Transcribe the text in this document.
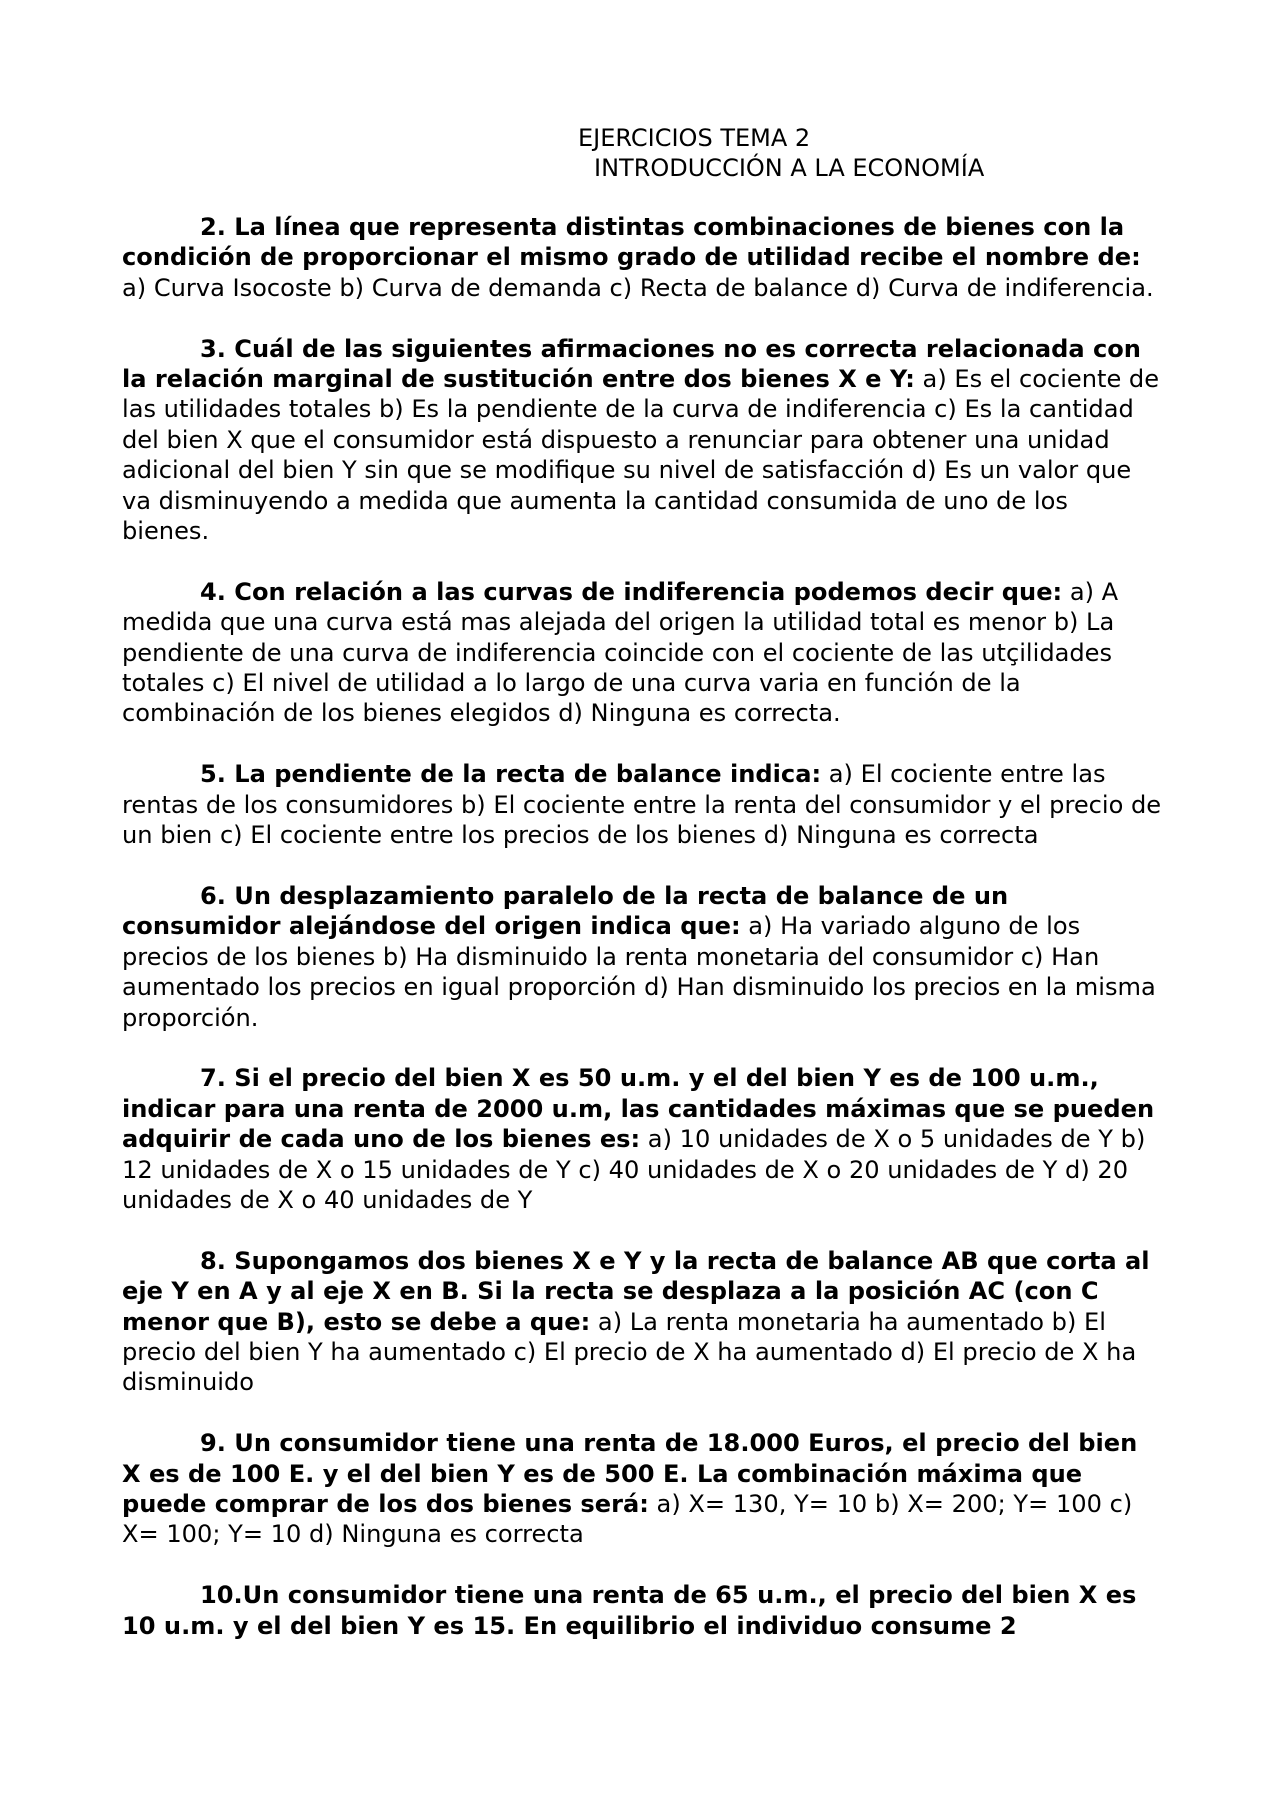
EJERCICIOS TEMA 2
INTRODUCCIÓN A LA ECONOMÍA

2. La línea que representa distintas combinaciones de bienes con la condición de proporcionar el mismo grado de utilidad recibe el nombre de: a) Curva Isocoste b) Curva de demanda c) Recta de balance d) Curva de indiferencia.

3. Cuál de las siguientes afirmaciones no es correcta relacionada con la relación marginal de sustitución entre dos bienes X e Y: a) Es el cociente de las utilidades totales b) Es la pendiente de la curva de indiferencia c) Es la cantidad del bien X que el consumidor está dispuesto a renunciar para obtener una unidad adicional del bien Y sin que se modifique su nivel de satisfacción d) Es un valor que va disminuyendo a medida que aumenta la cantidad consumida de uno de los bienes.

4. Con relación a las curvas de indiferencia podemos decir que: a) A medida que una curva está mas alejada del origen la utilidad total es menor b) La pendiente de una curva de indiferencia coincide con el cociente de las utçilidades totales c) El nivel de utilidad a lo largo de una curva varia en función de la combinación de los bienes elegidos d) Ninguna es correcta.

5. La pendiente de la recta de balance indica: a) El cociente entre las rentas de los consumidores b) El cociente entre la renta del consumidor y el precio de un bien c) El cociente entre los precios de los bienes d) Ninguna es correcta

6. Un desplazamiento paralelo de la recta de balance de un consumidor alejándose del origen indica que: a) Ha variado alguno de los precios de los bienes b) Ha disminuido la renta monetaria del consumidor c) Han aumentado los precios en igual proporción d) Han disminuido los precios en la misma proporción.

7. Si el precio del bien X es 50 u.m. y el del bien Y es de 100 u.m., indicar para una renta de 2000 u.m, las cantidades máximas que se pueden adquirir de cada uno de los bienes es: a) 10 unidades de X o 5 unidades de Y b) 12 unidades de X o 15 unidades de Y c) 40 unidades de X o 20 unidades de Y d) 20 unidades de X o 40 unidades de Y

8. Supongamos dos bienes X e Y y la recta de balance AB que corta al eje Y en A y al eje X en B. Si la recta se desplaza a la posición AC (con C menor que B), esto se debe a que: a) La renta monetaria ha aumentado b) El precio del bien Y ha aumentado c) El precio de X ha aumentado d) El precio de X ha disminuido

9. Un consumidor tiene una renta de 18.000 Euros, el precio del bien X es de 100 E. y el del bien Y es de 500 E. La combinación máxima que puede comprar de los dos bienes será: a) X= 130, Y= 10 b) X= 200; Y= 100 c) X= 100; Y= 10 d) Ninguna es correcta

10.Un consumidor tiene una renta de 65 u.m., el precio del bien X es 10 u.m. y el del bien Y es 15. En equilibrio el individuo consume 2
